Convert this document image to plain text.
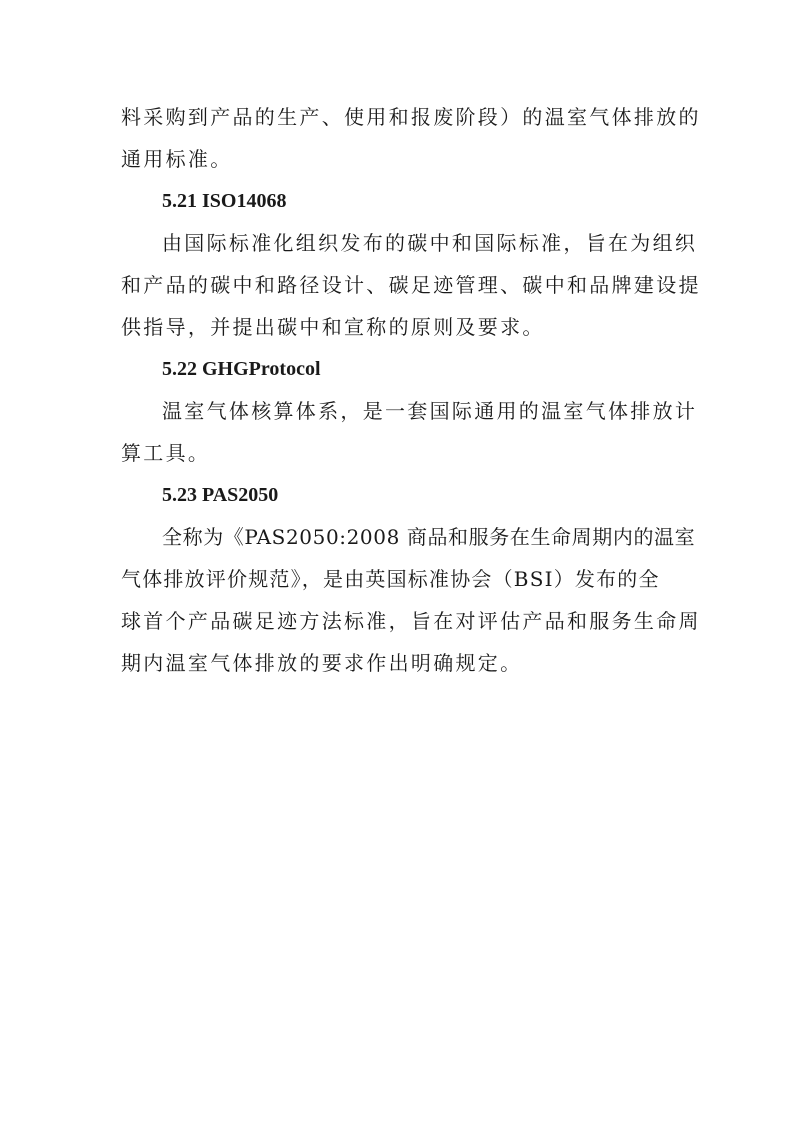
料采购到产品的生产、使用和报废阶段）的温室气体排放的
通用标准。
5.21 ISO14068
由国际标准化组织发布的碳中和国际标准，旨在为组织
和产品的碳中和路径设计、碳足迹管理、碳中和品牌建设提
供指导，并提出碳中和宣称的原则及要求。
5.22 GHGProtocol
温室气体核算体系，是一套国际通用的温室气体排放计
算工具。
5.23 PAS2050
全称为《PAS2050:2008 商品和服务在生命周期内的温室
气体排放评价规范》，是由英国标准协会（BSI）发布的全
球首个产品碳足迹方法标准，旨在对评估产品和服务生命周
期内温室气体排放的要求作出明确规定。
